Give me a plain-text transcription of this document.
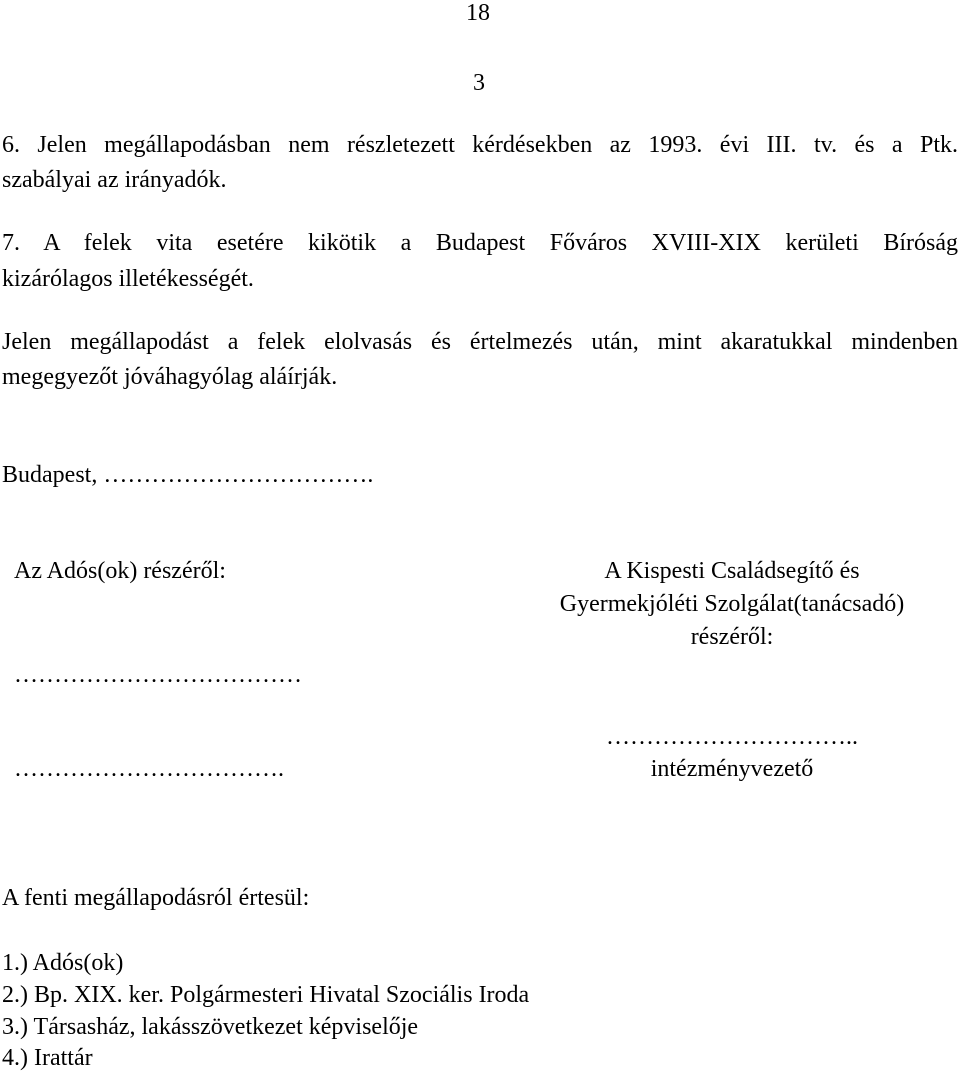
18
3
6. Jelen megállapodásban nem részletezett kérdésekben az 1993. évi III. tv. és a Ptk.
szabályai az irányadók.
7. A felek vita esetére kikötik a Budapest Főváros XVIII-XIX kerületi Bíróság
kizárólagos illetékességét.
Jelen megállapodást a felek elolvasás és értelmezés után, mint akaratukkal mindenben
megegyezőt jóváhagyólag aláírják.
Budapest, …………………………….
Az Adós(ok) részéről:
………………………………
…………………………….
A Kispesti Családsegítő és
Gyermekjóléti Szolgálat(tanácsadó)
részéről:
…………………………..
intézményvezető
A fenti megállapodásról értesül:
1.) Adós(ok)
2.) Bp. XIX. ker. Polgármesteri Hivatal Szociális Iroda
3.) Társasház, lakásszövetkezet képviselője
4.) Irattár
